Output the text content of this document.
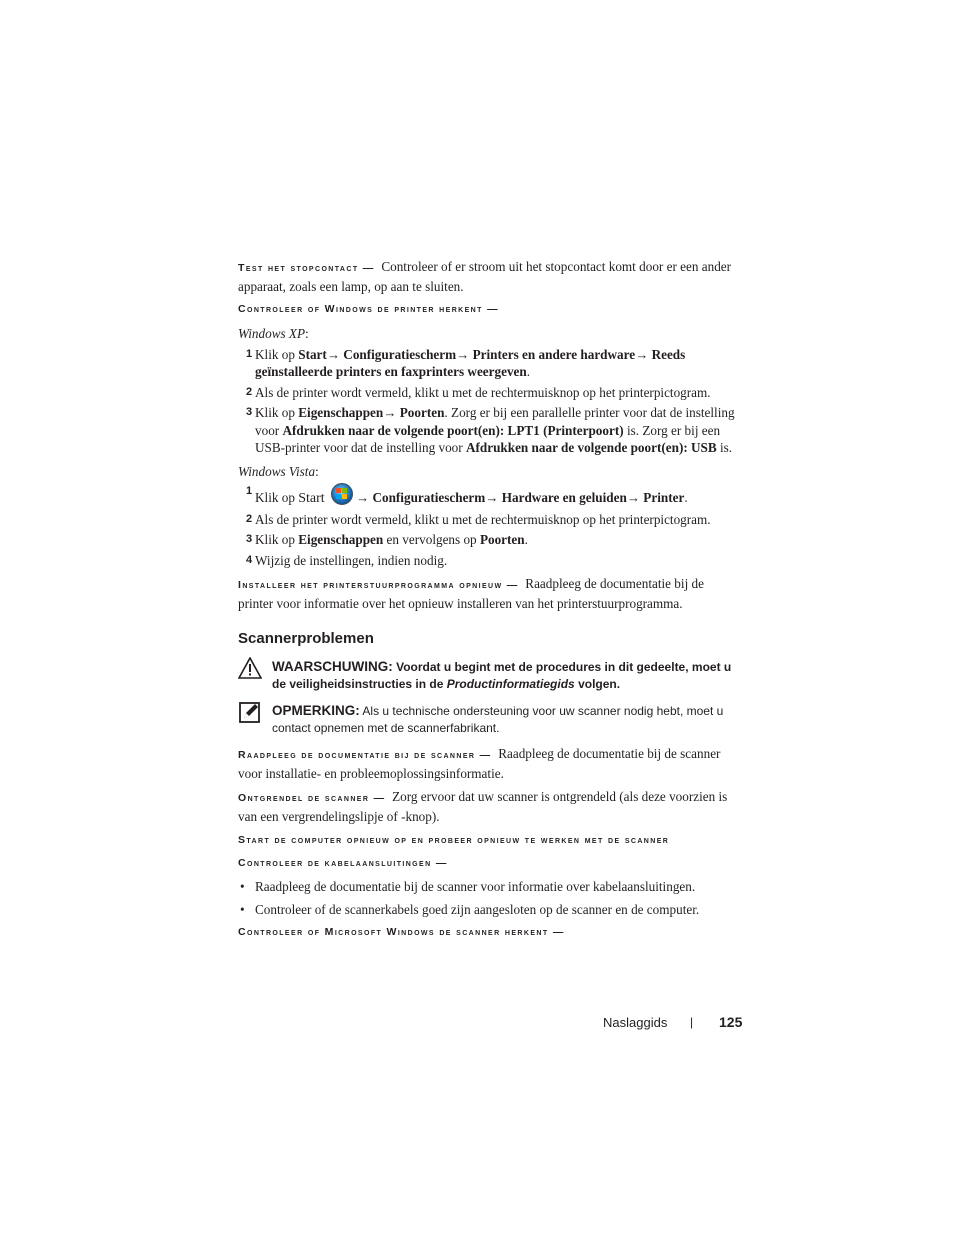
Test het stopcontact — Controleer of er stroom uit het stopcontact komt door er een ander apparaat, zoals een lamp, op aan te sluiten.

Controleer of Windows de printer herkent —

Windows XP:

1 Klik op Start→ Configuratiescherm→ Printers en andere hardware→ Reeds geïnstalleerde printers en faxprinters weergeven.
2 Als de printer wordt vermeld, klikt u met de rechtermuisknop op het printerpictogram.
3 Klik op Eigenschappen→ Poorten. Zorg er bij een parallelle printer voor dat de instelling voor Afdrukken naar de volgende poort(en): LPT1 (Printerpoort) is. Zorg er bij een USB-printer voor dat de instelling voor Afdrukken naar de volgende poort(en): USB is.

Windows Vista:

1 Klik op Start → Configuratiescherm→ Hardware en geluiden→ Printer.
2 Als de printer wordt vermeld, klikt u met de rechtermuisknop op het printerpictogram.
3 Klik op Eigenschappen en vervolgens op Poorten.
4 Wijzig de instellingen, indien nodig.

Installeer het printerstuurprogramma opnieuw — Raadpleeg de documentatie bij de printer voor informatie over het opnieuw installeren van het printerstuurprogramma.

Scannerproblemen
WAARSCHUWING: Voordat u begint met de procedures in dit gedeelte, moet u de veiligheidsinstructies in de Productinformatiegids volgen.
OPMERKING: Als u technische ondersteuning voor uw scanner nodig hebt, moet u contact opnemen met de scannerfabrikant.

Raadpleeg de documentatie bij de scanner — Raadpleeg de documentatie bij de scanner voor installatie- en probleemoplossingsinformatie.

Ontgrendel de scanner — Zorg ervoor dat uw scanner is ontgrendeld (als deze voorzien is van een vergrendelingslipje of -knop).

Start de computer opnieuw op en probeer opnieuw te werken met de scanner

Controleer de kabelaansluitingen —

• Raadpleeg de documentatie bij de scanner voor informatie over kabelaansluitingen.
• Controleer of de scannerkabels goed zijn aangesloten op de scanner en de computer.

Controleer of Microsoft Windows de scanner herkent —

Naslaggids | 125
